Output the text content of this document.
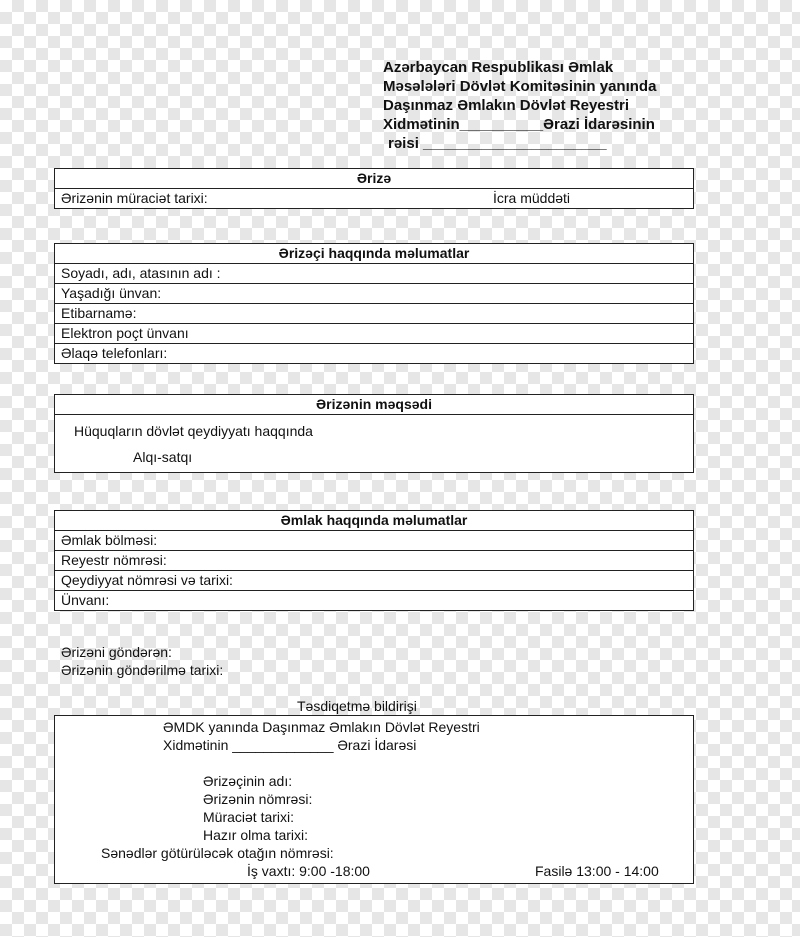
Azərbaycan Respublikası Əmlak
Məsələləri Dövlət Komitəsinin yanında
Daşınmaz Əmlakın Dövlət Reyestri
Xidmətinin__________Ərazi İdarəsinin
rəisi ______________________
Ərizə
Ərizənin müraciət tarixi:	İcra müddəti
Ərizəçi haqqında məlumatlar
Soyadı, adı, atasının adı :
Yaşadığı ünvan:
Etibarnamə:
Elektron poçt ünvanı
Əlaqə telefonları:
Ərizənin məqsədi
Hüquqların dövlət qeydiyyatı haqqında
Alqı-satqı
Əmlak haqqında məlumatlar
Əmlak bölməsi:
Reyestr nömrəsi:
Qeydiyyat nömrəsi və tarixi:
Ünvanı:
Ərizəni göndərən:
Ərizənin göndərilmə tarixi:
Təsdiqetmə bildirişi
ƏMDK yanında Daşınmaz Əmlakın Dövlət Reyestri
Xidmətinin _____________ Ərazi İdarəsi
Ərizəçinin adı:
Ərizənin nömrəsi:
Müraciət tarixi:
Hazır olma tarixi:
Sənədlər götürüləcək otağın nömrəsi:
İş vaxtı: 9:00 -18:00	Fasilə 13:00 - 14:00
